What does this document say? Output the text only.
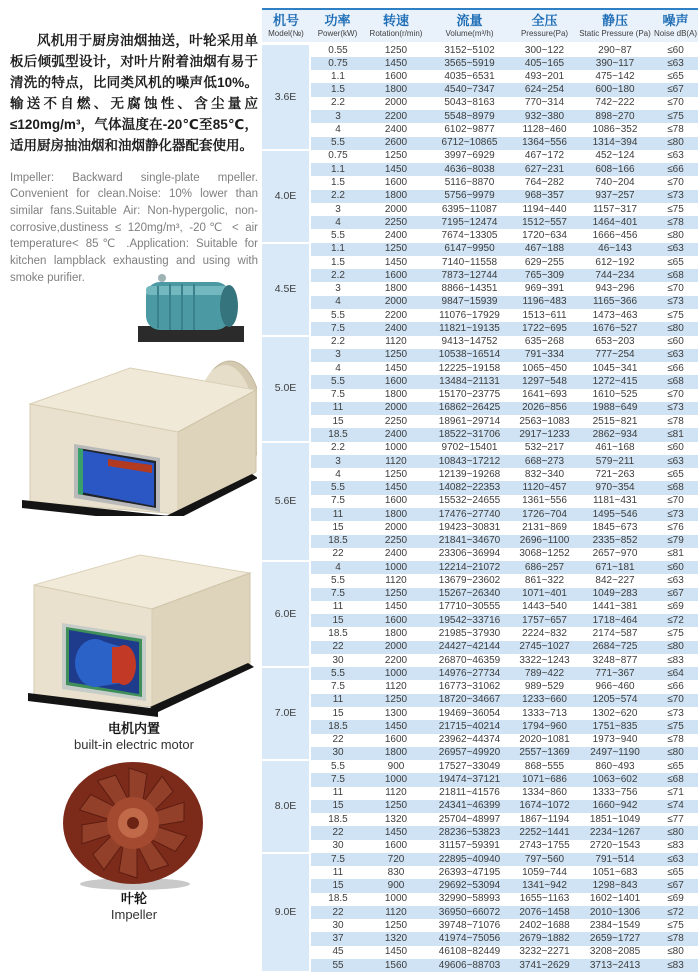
风机用于厨房油烟抽送，叶轮采用单板后倾弧型设计，对叶片附着油烟有易于清洗的特点，比同类风机的噪声低10%。输送不自燃、无腐蚀性、含尘量应≤120mg/m³，气体温度在-20℃至85℃，适用厨房抽油烟和油烟静化器配套使用。

Impeller: Backward single-plate mpeller. Convenient for clean.Noise: 10% lower than similar fans.Suitable Air: Non-hypergolic, non-corrosive,dustiness ≤ 120mg/m³, -20℃ < air temperature< 85℃ .Application: Suitable for kitchen lampblack exhausting and using with smoke purifier.

电机内置
built-in electric motor
叶轮
Impeller
机号
Model(№)

功率
Power(kW)

转速
Rotation(r/min)

流量
Volume(m³/h)

全压
Pressure(Pa)

静压
Static Pressure (Pa)

噪声
Noise dB(A)

3.6E	0.55	1250	3152~5102	300~122	290~87	≤60
	0.75	1450	3565~5919	405~165	390~117	≤63
	1.1	1600	4035~6531	493~201	475~142	≤65
	1.5	1800	4540~7347	624~254	600~180	≤67
	2.2	2000	5043~8163	770~314	742~222	≤70
	3	2200	5548~8979	932~380	898~270	≤75
	4	2400	6102~9877	1128~460	1086~352	≤78
	5.5	2600	6712~10865	1364~556	1314~394	≤80
4.0E	0.75	1250	3997~6929	467~172	452~124	≤63
	1.1	1450	4636~8038	627~231	608~166	≤66
	1.5	1600	5116~8870	764~282	740~204	≤70
	2.2	1800	5756~9979	968~357	937~257	≤73
	3	2000	6395~11087	1194~440	1157~317	≤75
	4	2250	7195~12474	1512~557	1464~401	≤78
	5.5	2400	7674~13305	1720~634	1666~456	≤80
4.5E	1.1	1250	6147~9950	467~188	46~143	≤63
	1.5	1450	7140~11558	629~255	612~192	≤65
	2.2	1600	7873~12744	765~309	744~234	≤68
	3	1800	8866~14351	969~391	943~296	≤70
	4	2000	9847~15939	1196~483	1165~366	≤73
	5.5	2200	11076~17929	1513~611	1473~463	≤75
	7.5	2400	11821~19135	1722~695	1676~527	≤80
5.0E	2.2	1120	9413~14752	635~268	653~203	≤60
	3	1250	10538~16514	791~334	777~254	≤63
	4	1450	12225~19158	1065~450	1045~341	≤66
	5.5	1600	13484~21131	1297~548	1272~415	≤68
	7.5	1800	15170~23775	1641~693	1610~525	≤70
	11	2000	16862~26425	2026~856	1988~649	≤73
	15	2250	18961~29714	2563~1083	2515~821	≤78
	18.5	2400	18522~31706	2917~1233	2862~934	≤81
5.6E	2.2	1000	9702~15401	532~217	461~168	≤60
	3	1120	10843~17212	668~273	579~211	≤63
	4	1250	12139~19268	832~340	721~263	≤65
	5.5	1450	14082~22353	1120~457	970~354	≤68
	7.5	1600	15532~24655	1361~556	1181~431	≤70
	11	1800	17476~27740	1726~704	1495~546	≤73
	15	2000	19423~30831	2131~869	1845~673	≤76
	18.5	2250	21841~34670	2696~1100	2335~852	≤79
	22	2400	23306~36994	3068~1252	2657~970	≤81
6.0E	4	1000	12214~21072	686~257	671~181	≤60
	5.5	1120	13679~23602	861~322	842~227	≤63
	7.5	1250	15267~26340	1071~401	1049~283	≤67
	11	1450	17710~30555	1443~540	1441~381	≤69
	15	1600	19542~33716	1757~657	1718~464	≤72
	18.5	1800	21985~37930	2224~832	2174~587	≤75
	22	2000	24427~42144	2745~1027	2684~725	≤80
	30	2200	26870~46359	3322~1243	3248~877	≤83
7.0E	5.5	1000	14976~27734	789~422	771~367	≤64
	7.5	1120	16773~31062	989~529	966~460	≤66
	11	1250	18720~34667	1233~660	1205~574	≤70
	15	1300	19469~36054	1333~713	1302~620	≤73
	18.5	1450	21715~40214	1794~960	1751~835	≤75
	22	1600	23962~44374	2020~1081	1973~940	≤78
	30	1800	26957~49920	2557~1369	2497~1190	≤80
8.0E	5.5	900	17527~33049	868~555	860~493	≤65
	7.5	1000	19474~37121	1071~686	1063~602	≤68
	11	1120	21811~41576	1334~860	1333~756	≤71
	15	1250	24341~46399	1674~1072	1660~942	≤74
	18.5	1320	25704~48997	1867~1194	1851~1049	≤77
	22	1450	28236~53823	2252~1441	2234~1267	≤80
	30	1600	31157~59391	2743~1755	2720~1543	≤83
9.0E	7.5	720	22895~40940	797~560	791~514	≤63
	11	830	26393~47195	1059~744	1051~683	≤65
	15	900	29692~53094	1341~942	1298~843	≤67
	18.5	1000	32990~58993	1655~1163	1602~1401	≤69
	22	1120	36950~66072	2076~1458	2010~1306	≤72
	30	1250	39748~71076	2402~1688	2384~1549	≤75
	37	1320	41974~75056	2679~1882	2659~1727	≤78
	45	1450	46108~82449	3232~2271	3208~2085	≤80
	55	1560	49606~88703	3741~2629	3713~2413	≤83
